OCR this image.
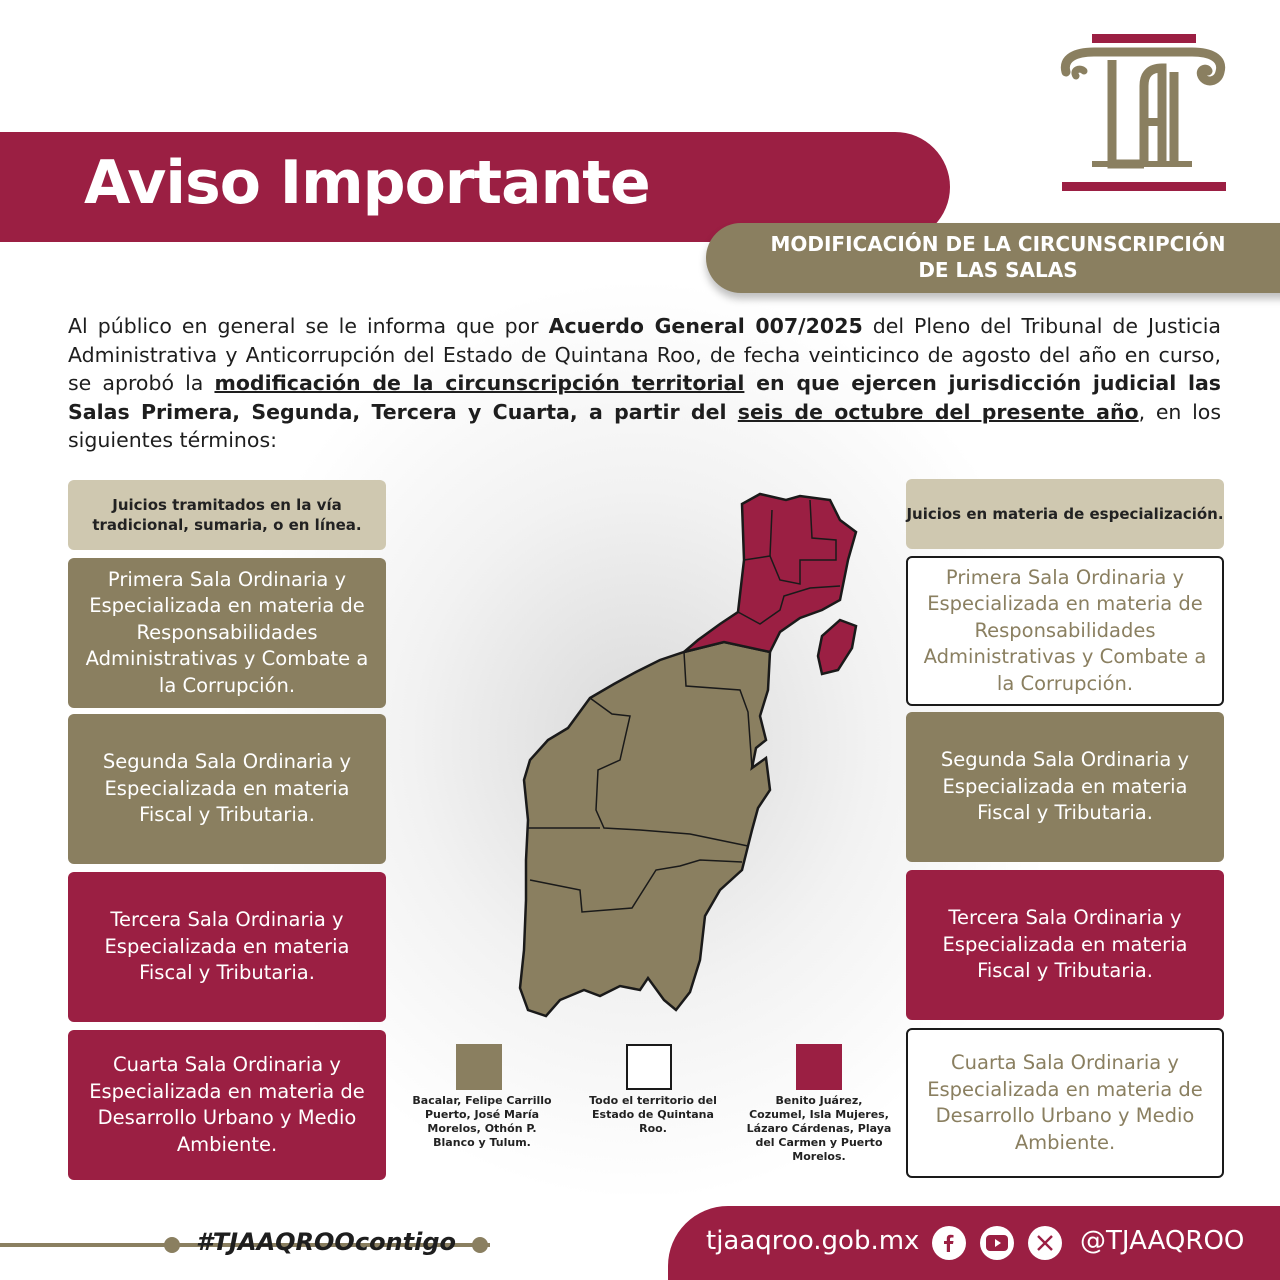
Aviso Importante
MODIFICACIÓN DE LA CIRCUNSCRIPCIÓN
DE LAS SALAS
TJA
Al público en general se le informa que por Acuerdo General 007/2025 del Pleno del Tribunal de Justicia Administrativa y Anticorrupción del Estado de Quintana Roo, de fecha veinticinco de agosto del año en curso, se aprobó la modificación de la circunscripción territorial en que ejercen jurisdicción judicial las Salas Primera, Segunda, Tercera y Cuarta, a partir del seis de octubre del presente año, en los siguientes términos:
Juicios tramitados en la vía tradicional, sumaria, o en línea.
Primera Sala Ordinaria y Especializada en materia de Responsabilidades Administrativas y Combate a la Corrupción.
Segunda Sala Ordinaria y Especializada en materia Fiscal y Tributaria.
Tercera Sala Ordinaria y Especializada en materia Fiscal y Tributaria.
Cuarta Sala Ordinaria y Especializada en materia de Desarrollo Urbano y Medio Ambiente.
Juicios en materia de especialización.
Primera Sala Ordinaria y Especializada en materia de Responsabilidades Administrativas y Combate a la Corrupción.
Segunda Sala Ordinaria y Especializada en materia Fiscal y Tributaria.
Tercera Sala Ordinaria y Especializada en materia Fiscal y Tributaria.
Cuarta Sala Ordinaria y Especializada en materia de Desarrollo Urbano y Medio Ambiente.
Bacalar, Felipe Carrillo Puerto, José María Morelos, Othón P. Blanco y Tulum.
Todo el territorio del Estado de Quintana Roo.
Benito Juárez, Cozumel, Isla Mujeres, Lázaro Cárdenas, Playa del Carmen y Puerto Morelos.
#TJAAQROOcontigo	tjaaqroo.gob.mx	@TJAAQROO
